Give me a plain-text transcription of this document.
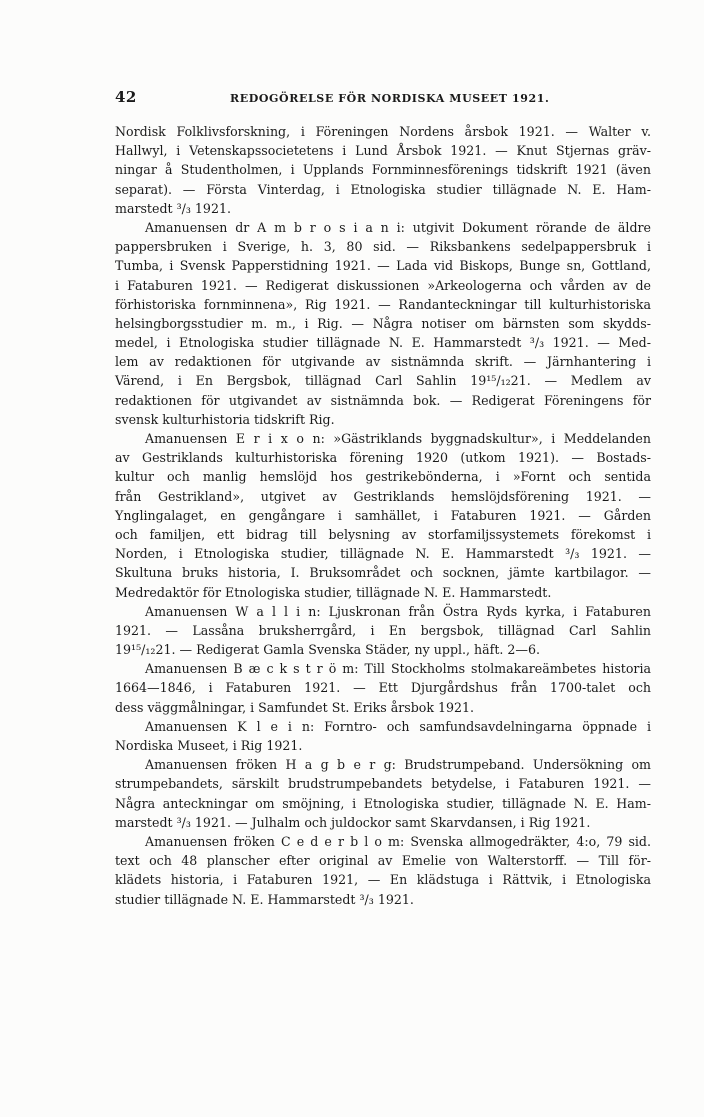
42	REDOGÖRELSE FÖR NORDISKA MUSEET 1921.
Nordisk Folklivsforskning, i Föreningen Nordens årsbok 1921. — Walter v.
Hallwyl, i Vetenskapssocietetens i Lund Årsbok 1921. — Knut Stjernas gräv-
ningar å Studentholmen, i Upplands Fornminnesförenings tidskrift 1921 (även
separat). — Första Vinterdag, i Etnologiska studier tillägnade N. E. Ham-
marstedt ³/₃ 1921.
Amanuensen dr A m b r o s i a n i: utgivit Dokument rörande de äldre
pappersbruken i Sverige, h. 3, 80 sid. — Riksbankens sedelpappersbruk i
Tumba, i Svensk Papperstidning 1921. — Lada vid Biskops, Bunge sn, Gottland,
i Fataburen 1921. — Redigerat diskussionen »Arkeologerna och vården av de
förhistoriska fornminnena», Rig 1921. — Randanteckningar till kulturhistoriska
helsingborgsstudier m. m., i Rig. — Några notiser om bärnsten som skydds-
medel, i Etnologiska studier tillägnade N. E. Hammarstedt ³/₃ 1921. — Med-
lem av redaktionen för utgivande av sistnämnda skrift. — Järnhantering i
Värend, i En Bergsbok, tillägnad Carl Sahlin 19¹⁵/₁₂21. — Medlem av
redaktionen för utgivandet av sistnämnda bok. — Redigerat Föreningens för
svensk kulturhistoria tidskrift Rig.
Amanuensen E r i x o n: »Gästriklands byggnadskultur», i Meddelanden
av Gestriklands kulturhistoriska förening 1920 (utkom 1921). — Bostads-
kultur och manlig hemslöjd hos gestrikebönderna, i »Fornt och sentida
från Gestrikland», utgivet av Gestriklands hemslöjdsförening 1921. —
Ynglingalaget, en gengångare i samhället, i Fataburen 1921. — Gården
och familjen, ett bidrag till belysning av storfamiljssystemets förekomst i
Norden, i Etnologiska studier, tillägnade N. E. Hammarstedt ³/₃ 1921. —
Skultuna bruks historia, I. Bruksområdet och socknen, jämte kartbilagor. —
Medredaktör för Etnologiska studier, tillägnade N. E. Hammarstedt.
Amanuensen W a l l i n: Ljuskronan från Östra Ryds kyrka, i Fataburen
1921. — Lassåna bruksherrgård, i En bergsbok, tillägnad Carl Sahlin
19¹⁵/₁₂21. — Redigerat Gamla Svenska Städer, ny uppl., häft. 2—6.
Amanuensen B æ c k s t r ö m: Till Stockholms stolmakareämbetes historia
1664—1846, i Fataburen 1921. — Ett Djurgårdshus från 1700-talet och
dess väggmålningar, i Samfundet St. Eriks årsbok 1921.
Amanuensen K l e i n: Forntro- och samfundsavdelningarna öppnade i
Nordiska Museet, i Rig 1921.
Amanuensen fröken H a g b e r g: Brudstrumpeband. Undersökning om
strumpebandets, särskilt brudstrumpebandets betydelse, i Fataburen 1921. —
Några anteckningar om smöjning, i Etnologiska studier, tillägnade N. E. Ham-
marstedt ³/₃ 1921. — Julhalm och juldockor samt Skarvdansen, i Rig 1921.
Amanuensen fröken C e d e r b l o m: Svenska allmogedräkter, 4:o, 79 sid.
text och 48 planscher efter original av Emelie von Walterstorff. — Till för-
klädets historia, i Fataburen 1921, — En klädstuga i Rättvik, i Etnologiska
studier tillägnade N. E. Hammarstedt ³/₃ 1921.
